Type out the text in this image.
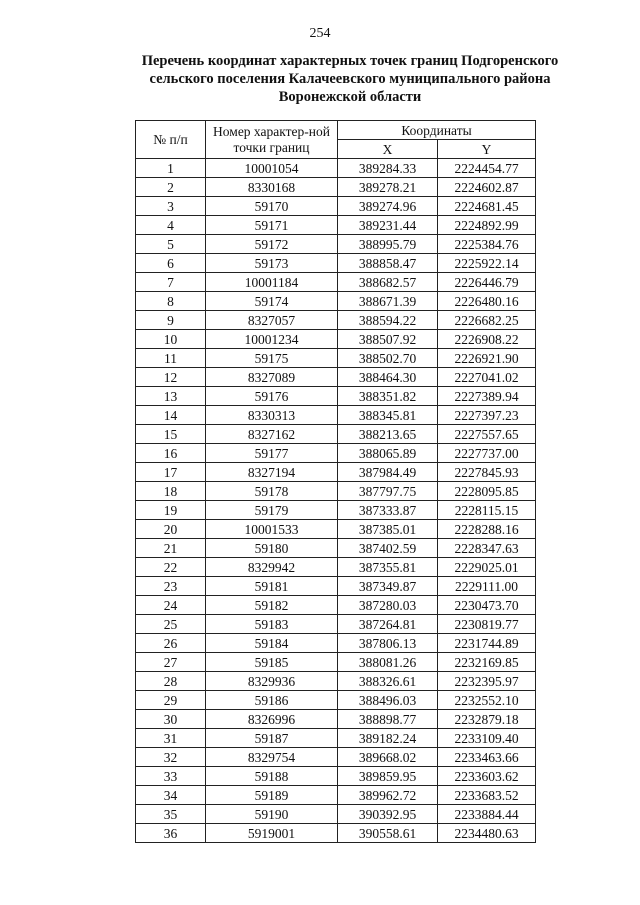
254
Перечень координат характерных точек границ Подгоренского
сельского поселения Калачеевского муниципального района
Воронежской области
№ п/п	Номер характер-ной точки границ	Координаты	
		X	Y
1	10001054	389284.33	2224454.77
2	8330168	389278.21	2224602.87
3	59170	389274.96	2224681.45
4	59171	389231.44	2224892.99
5	59172	388995.79	2225384.76
6	59173	388858.47	2225922.14
7	10001184	388682.57	2226446.79
8	59174	388671.39	2226480.16
9	8327057	388594.22	2226682.25
10	10001234	388507.92	2226908.22
11	59175	388502.70	2226921.90
12	8327089	388464.30	2227041.02
13	59176	388351.82	2227389.94
14	8330313	388345.81	2227397.23
15	8327162	388213.65	2227557.65
16	59177	388065.89	2227737.00
17	8327194	387984.49	2227845.93
18	59178	387797.75	2228095.85
19	59179	387333.87	2228115.15
20	10001533	387385.01	2228288.16
21	59180	387402.59	2228347.63
22	8329942	387355.81	2229025.01
23	59181	387349.87	2229111.00
24	59182	387280.03	2230473.70
25	59183	387264.81	2230819.77
26	59184	387806.13	2231744.89
27	59185	388081.26	2232169.85
28	8329936	388326.61	2232395.97
29	59186	388496.03	2232552.10
30	8326996	388898.77	2232879.18
31	59187	389182.24	2233109.40
32	8329754	389668.02	2233463.66
33	59188	389859.95	2233603.62
34	59189	389962.72	2233683.52
35	59190	390392.95	2233884.44
36	5919001	390558.61	2234480.63
